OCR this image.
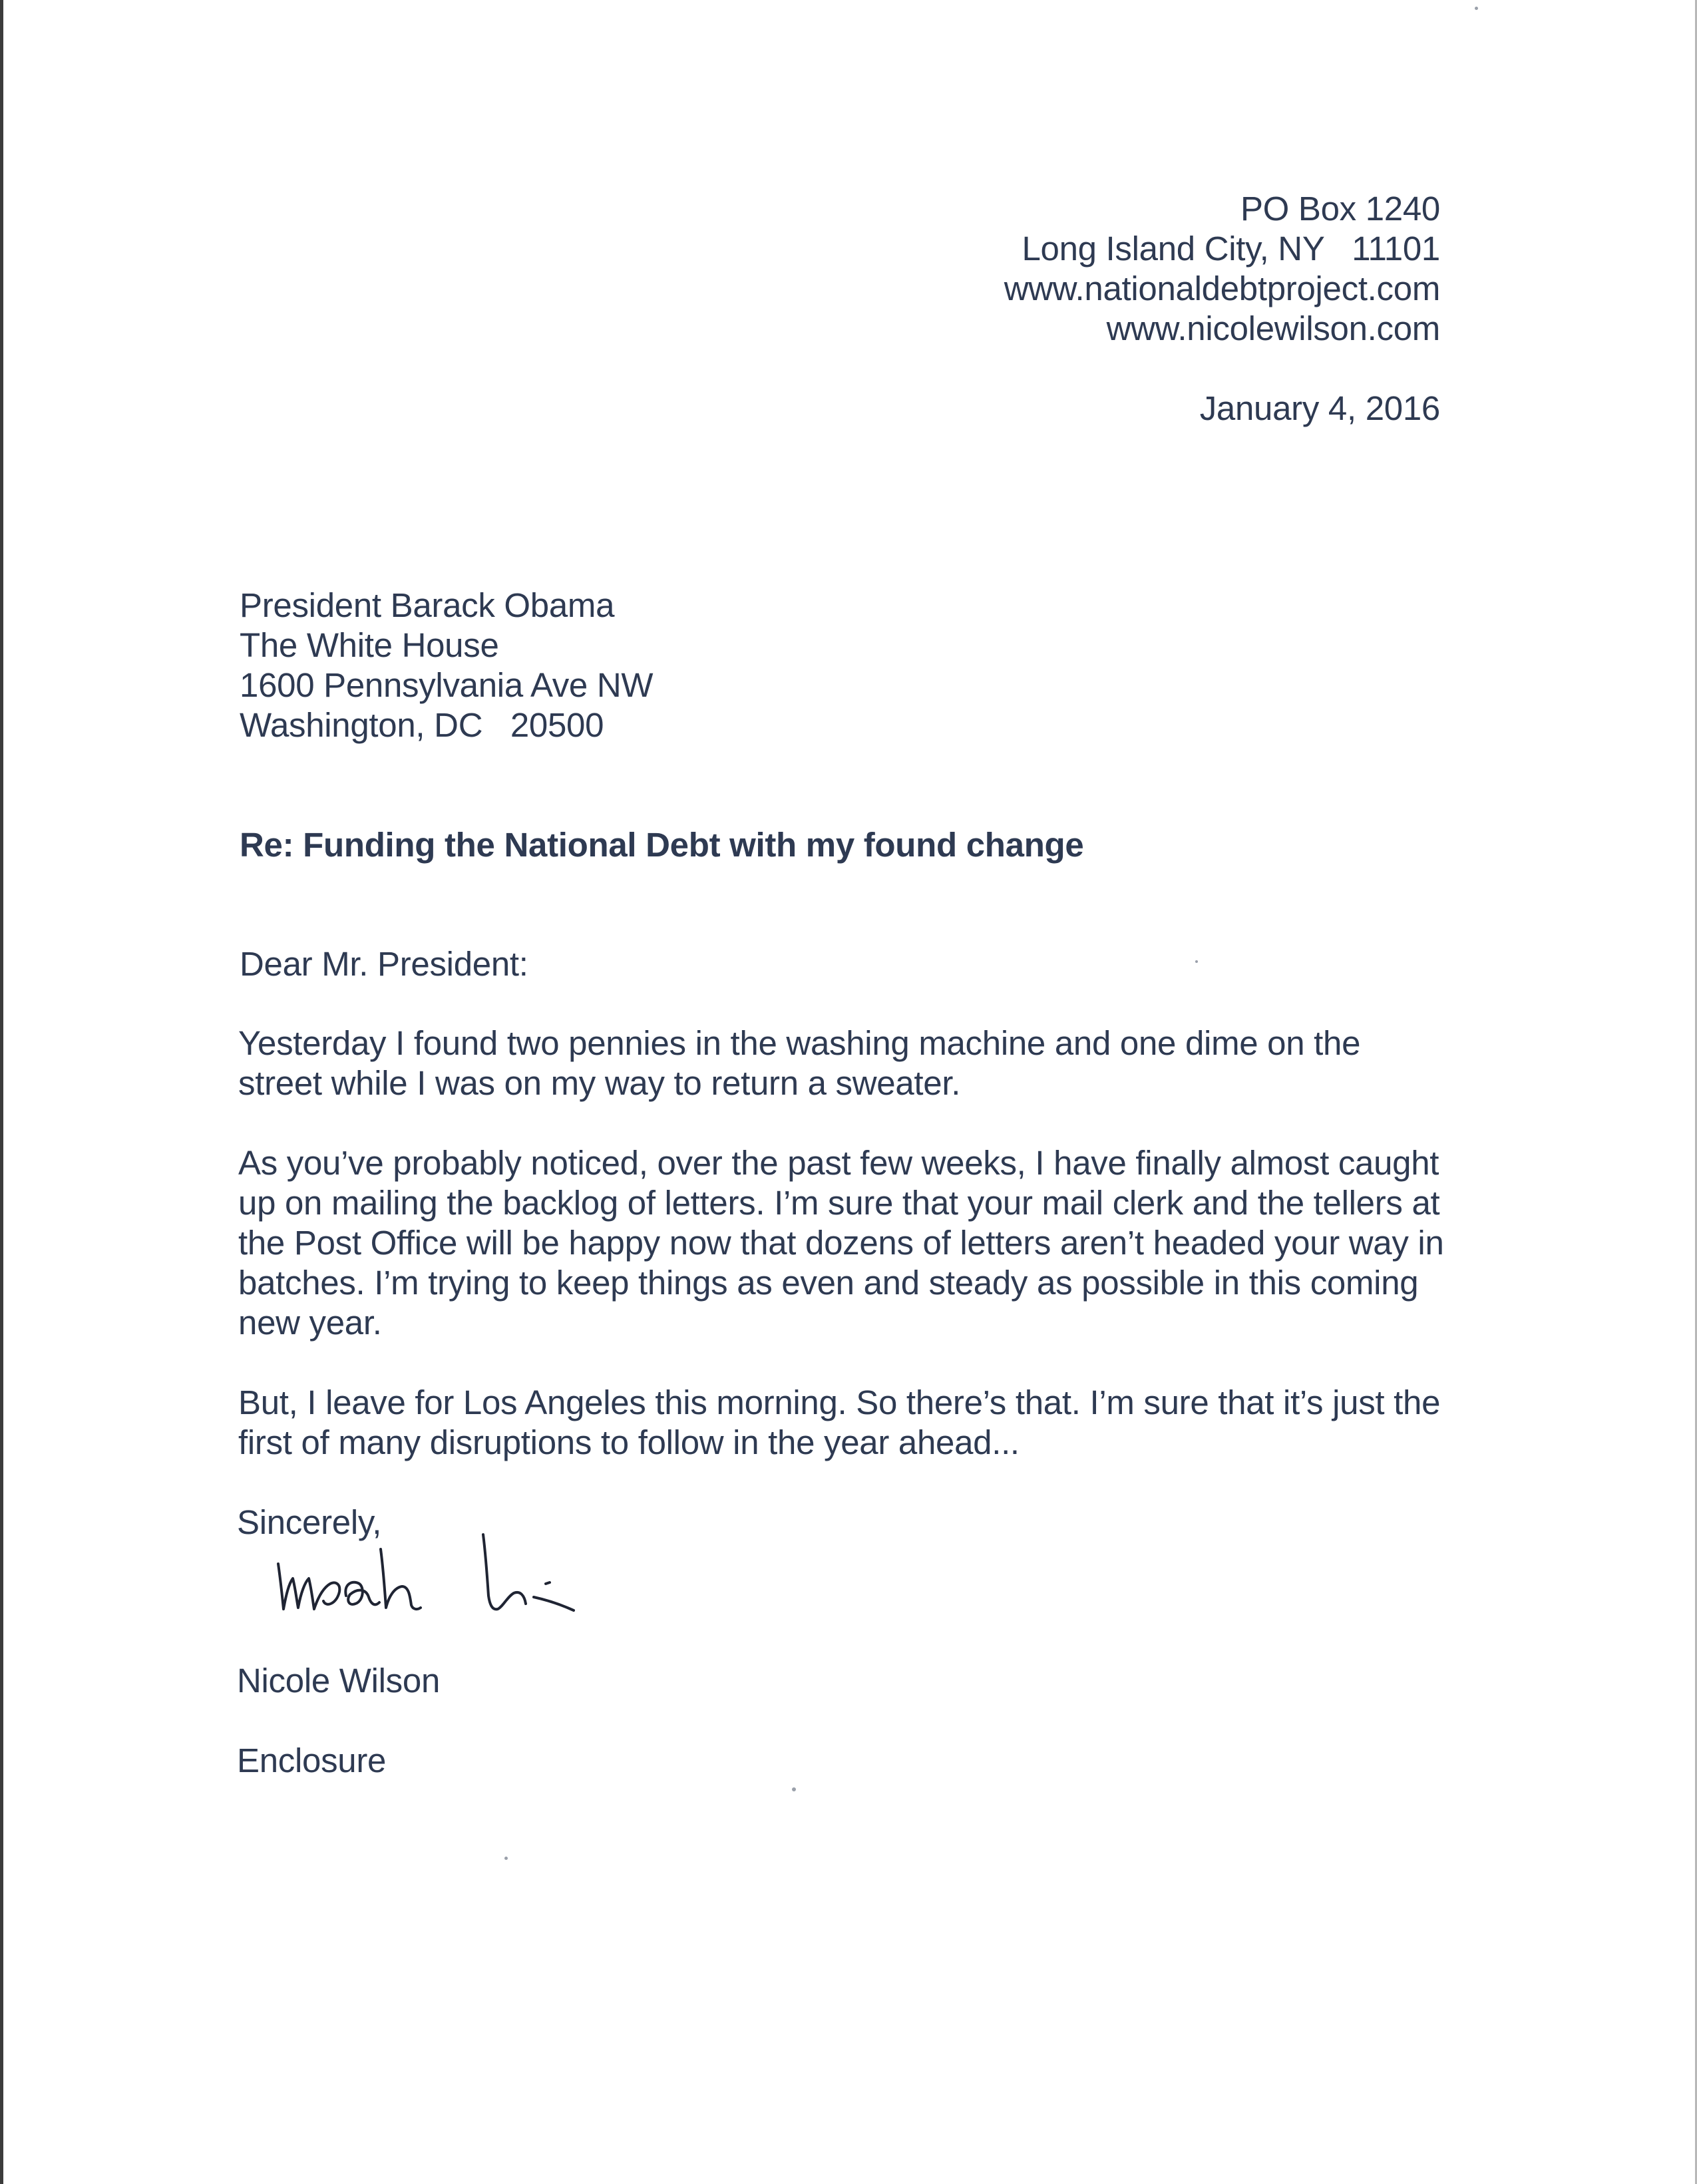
PO Box 1240
Long Island City, NY   11101
www.nationaldebtproject.com
www.nicolewilson.com
January 4, 2016
President Barack Obama
The White House
1600 Pennsylvania Ave NW
Washington, DC   20500
Re: Funding the National Debt with my found change
Dear Mr. President:

Yesterday I found two pennies in the washing machine and one dime on the street while I was on my way to return a sweater.

As you’ve probably noticed, over the past few weeks, I have finally almost caught up on mailing the backlog of letters. I’m sure that your mail clerk and the tellers at the Post Office will be happy now that dozens of letters aren’t headed your way in batches. I’m trying to keep things as even and steady as possible in this coming new year.

But, I leave for Los Angeles this morning. So there’s that. I’m sure that it’s just the first of many disruptions to follow in the year ahead...

Sincerely,
Nicole Wilson
Enclosure
